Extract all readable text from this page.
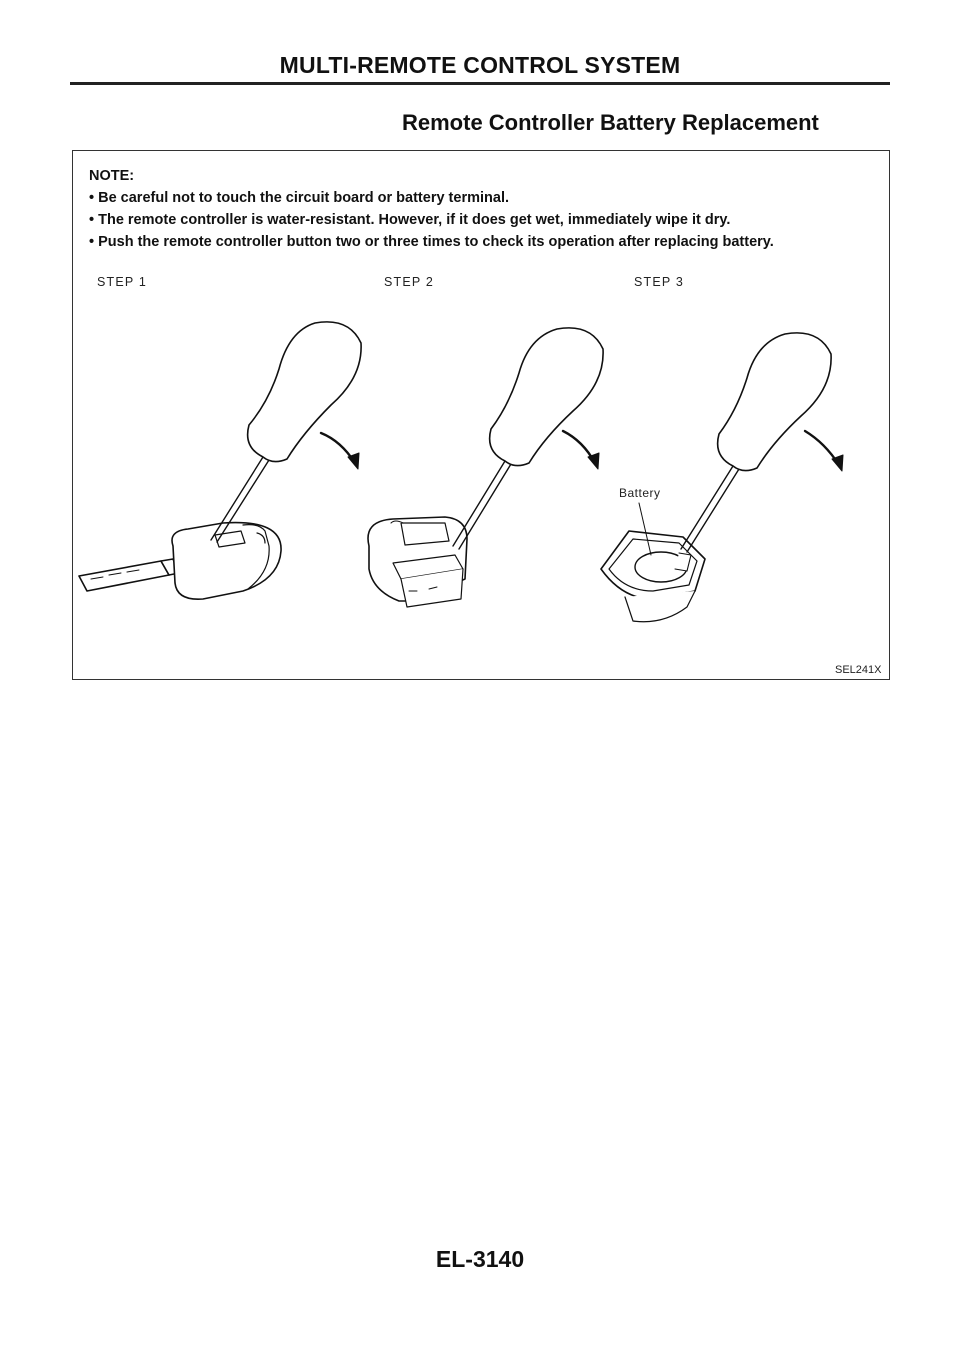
MULTI-REMOTE CONTROL SYSTEM
Remote Controller Battery Replacement
NOTE:
• Be careful not to touch the circuit board or battery terminal.
• The remote controller is water-resistant. However, if it does get wet, immediately wipe it dry.
• Push the remote controller button two or three times to check its operation after replacing battery.
STEP 1	STEP 2	STEP 3
Battery
SEL241X
EL-3140
